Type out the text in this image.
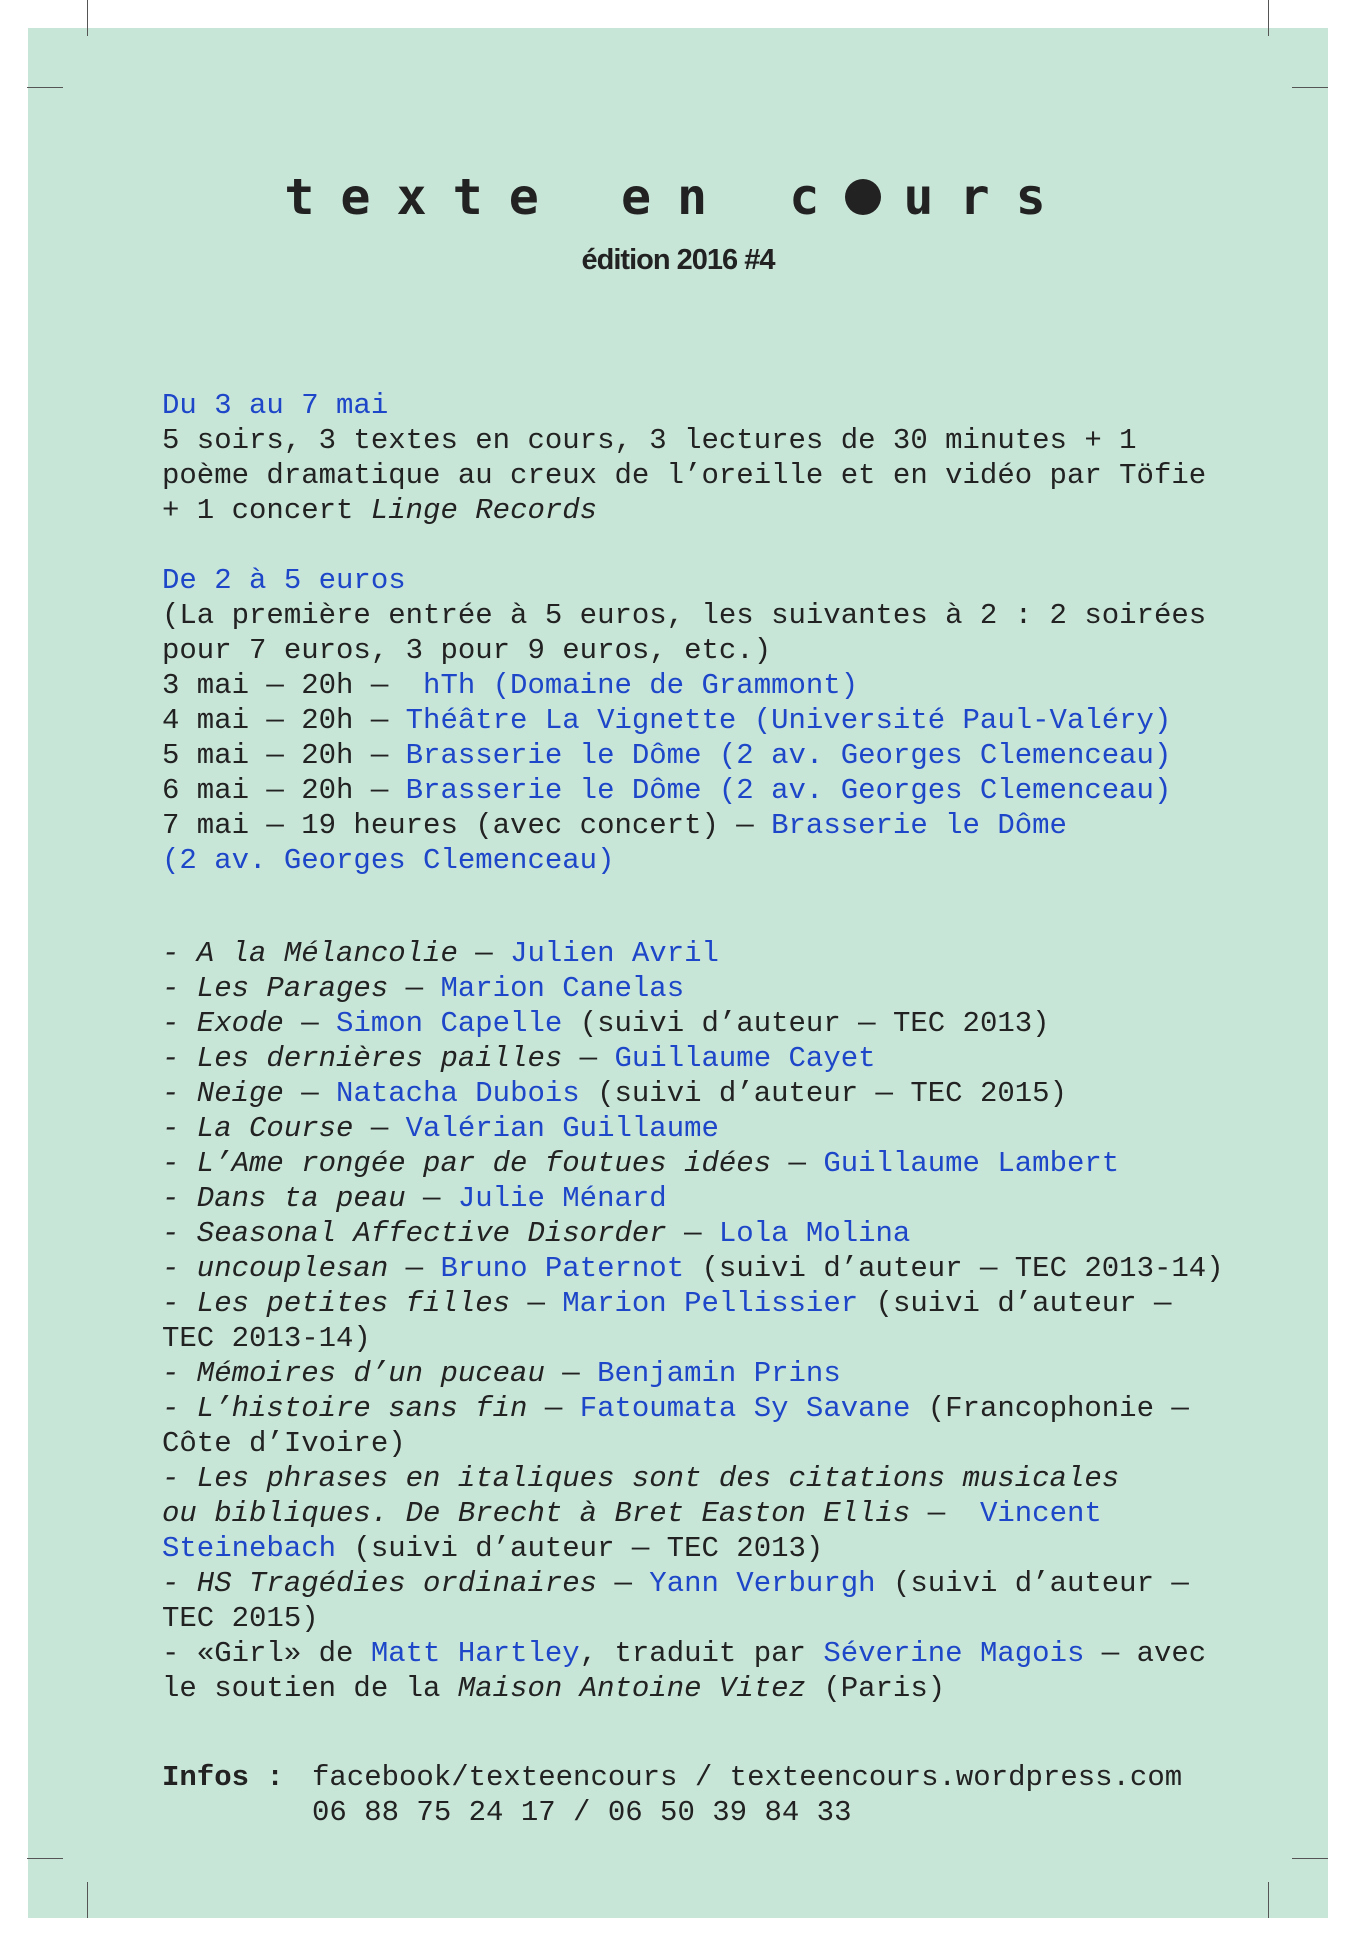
texte en c urs
édition 2016 #4
Du 3 au 7 mai
5 soirs, 3 textes en cours, 3 lectures de 30 minutes + 1
poème dramatique au creux de l’oreille et en vidéo par Töfie
+ 1 concert Linge Records
De 2 à 5 euros
(La première entrée à 5 euros, les suivantes à 2 : 2 soirées
pour 7 euros, 3 pour 9 euros, etc.)
3 mai — 20h —  hTh (Domaine de Grammont)
4 mai — 20h — Théâtre La Vignette (Université Paul-Valéry)
5 mai — 20h — Brasserie le Dôme (2 av. Georges Clemenceau)
6 mai — 20h — Brasserie le Dôme (2 av. Georges Clemenceau)
7 mai — 19 heures (avec concert) — Brasserie le Dôme
(2 av. Georges Clemenceau)
- A la Mélancolie — Julien Avril
- Les Parages — Marion Canelas
- Exode — Simon Capelle (suivi d’auteur — TEC 2013)
- Les dernières pailles — Guillaume Cayet
- Neige — Natacha Dubois (suivi d’auteur — TEC 2015)
- La Course — Valérian Guillaume
- L’Ame rongée par de foutues idées — Guillaume Lambert
- Dans ta peau — Julie Ménard
- Seasonal Affective Disorder — Lola Molina
- uncouplesan — Bruno Paternot (suivi d’auteur — TEC 2013-14)
- Les petites filles — Marion Pellissier (suivi d’auteur —
TEC 2013-14)
- Mémoires d’un puceau — Benjamin Prins
- L’histoire sans fin — Fatoumata Sy Savane (Francophonie —
Côte d’Ivoire)
- Les phrases en italiques sont des citations musicales
ou bibliques. De Brecht à Bret Easton Ellis —  Vincent
Steinebach (suivi d’auteur — TEC 2013)
- HS Tragédies ordinaires — Yann Verburgh (suivi d’auteur —
TEC 2015)
- «Girl» de Matt Hartley, traduit par Séverine Magois — avec
le soutien de la Maison Antoine Vitez (Paris)
Infos : facebook/texteencours / texteencours.wordpress.com
06 88 75 24 17 / 06 50 39 84 33
